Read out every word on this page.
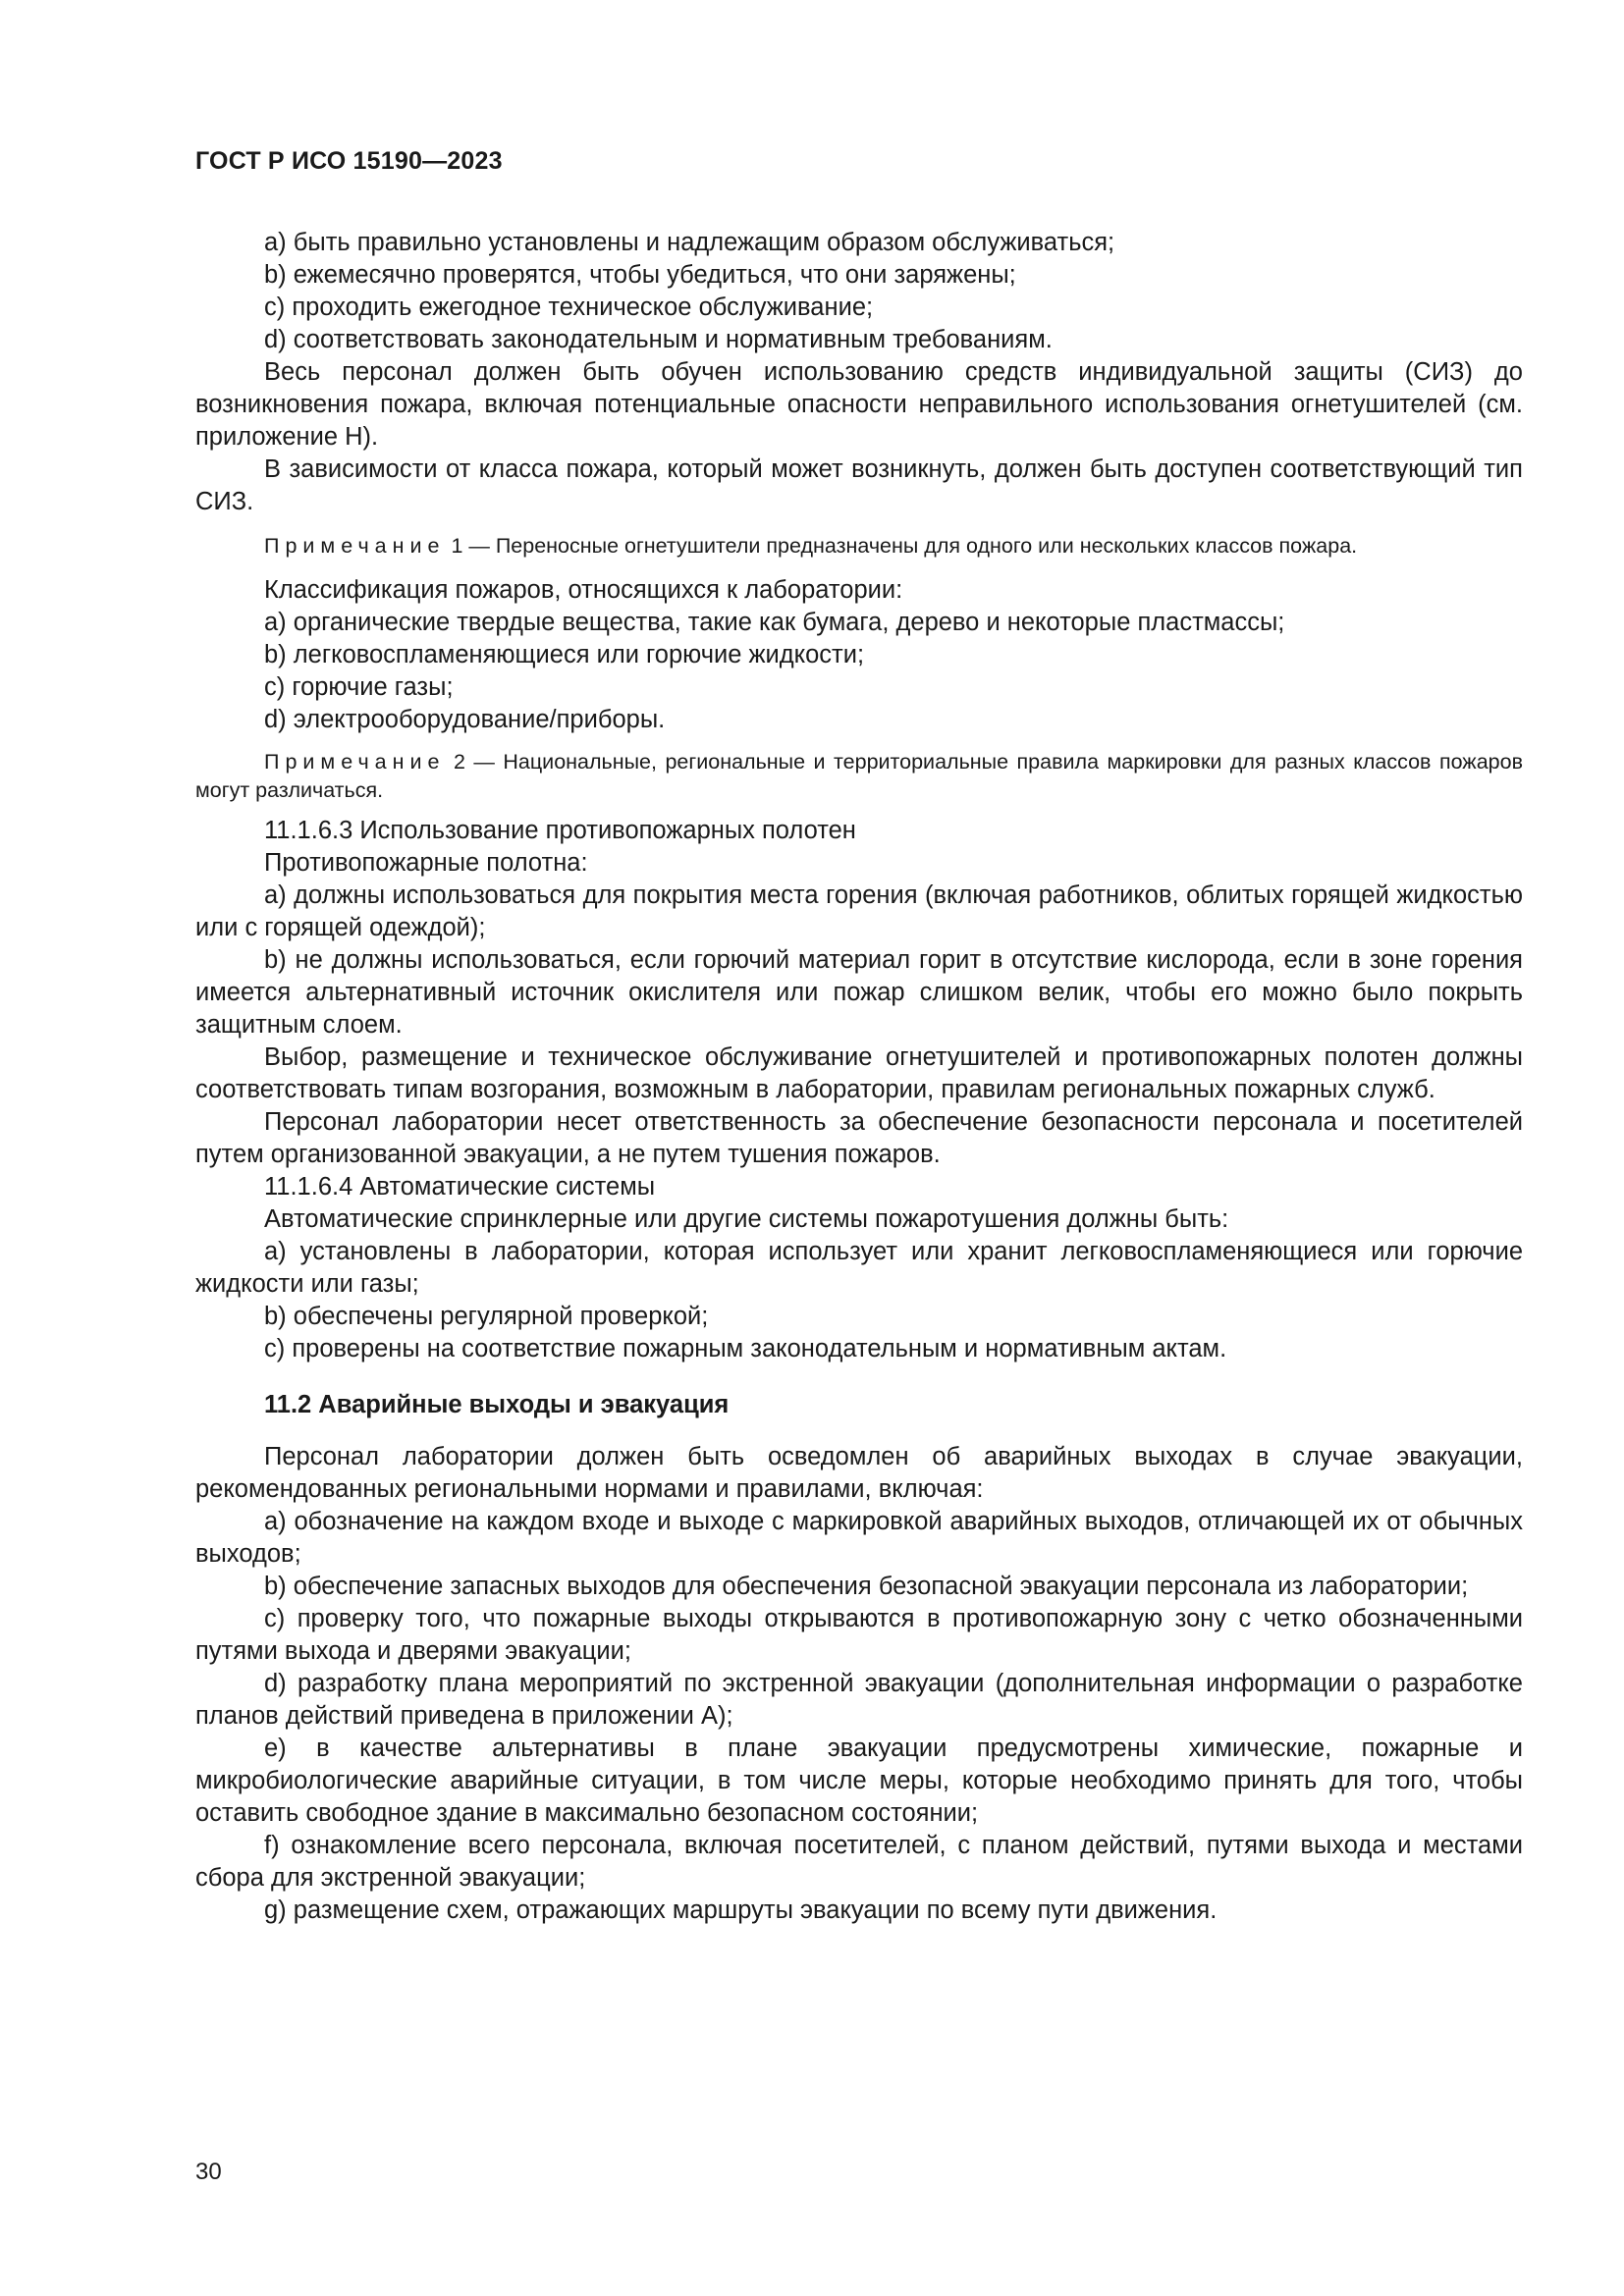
ГОСТ Р ИСО 15190—2023

a) быть правильно установлены и надлежащим образом обслуживаться;

b) ежемесячно проверятся, чтобы убедиться, что они заряжены;

c) проходить ежегодное техническое обслуживание;

d) соответствовать законодательным и нормативным требованиям.

Весь персонал должен быть обучен использованию средств индивидуальной защиты (СИЗ) до возникновения пожара, включая потенциальные опасности неправильного использования огнетушителей (см. приложение H).

В зависимости от класса пожара, который может возникнуть, должен быть доступен соответствующий тип СИЗ.

Примечание 1 — Переносные огнетушители предназначены для одного или нескольких классов пожара.

Классификация пожаров, относящихся к лаборатории:

a) органические твердые вещества, такие как бумага, дерево и некоторые пластмассы;

b) легковоспламеняющиеся или горючие жидкости;

c) горючие газы;

d) электрооборудование/приборы.

Примечание 2 — Национальные, региональные и территориальные правила маркировки для разных классов пожаров могут различаться.

11.1.6.3 Использование противопожарных полотен

Противопожарные полотна:

a) должны использоваться для покрытия места горения (включая работников, облитых горящей жидкостью или с горящей одеждой);

b) не должны использоваться, если горючий материал горит в отсутствие кислорода, если в зоне горения имеется альтернативный источник окислителя или пожар слишком велик, чтобы его можно было покрыть защитным слоем.

Выбор, размещение и техническое обслуживание огнетушителей и противопожарных полотен должны соответствовать типам возгорания, возможным в лаборатории, правилам региональных пожарных служб.

Персонал лаборатории несет ответственность за обеспечение безопасности персонала и посетителей путем организованной эвакуации, а не путем тушения пожаров.

11.1.6.4 Автоматические системы

Автоматические спринклерные или другие системы пожаротушения должны быть:

a) установлены в лаборатории, которая использует или хранит легковоспламеняющиеся или горючие жидкости или газы;

b) обеспечены регулярной проверкой;

c) проверены на соответствие пожарным законодательным и нормативным актам.

11.2 Аварийные выходы и эвакуация

Персонал лаборатории должен быть осведомлен об аварийных выходах в случае эвакуации, рекомендованных региональными нормами и правилами, включая:

a) обозначение на каждом входе и выходе с маркировкой аварийных выходов, отличающей их от обычных выходов;

b) обеспечение запасных выходов для обеспечения безопасной эвакуации персонала из лаборатории;

c) проверку того, что пожарные выходы открываются в противопожарную зону с четко обозначенными путями выхода и дверями эвакуации;

d) разработку плана мероприятий по экстренной эвакуации (дополнительная информации о разработке планов действий приведена в приложении A);

e) в качестве альтернативы в плане эвакуации предусмотрены химические, пожарные и микробиологические аварийные ситуации, в том числе меры, которые необходимо принять для того, чтобы оставить свободное здание в максимально безопасном состоянии;

f) ознакомление всего персонала, включая посетителей, с планом действий, путями выхода и местами сбора для экстренной эвакуации;

g) размещение схем, отражающих маршруты эвакуации по всему пути движения.

30
